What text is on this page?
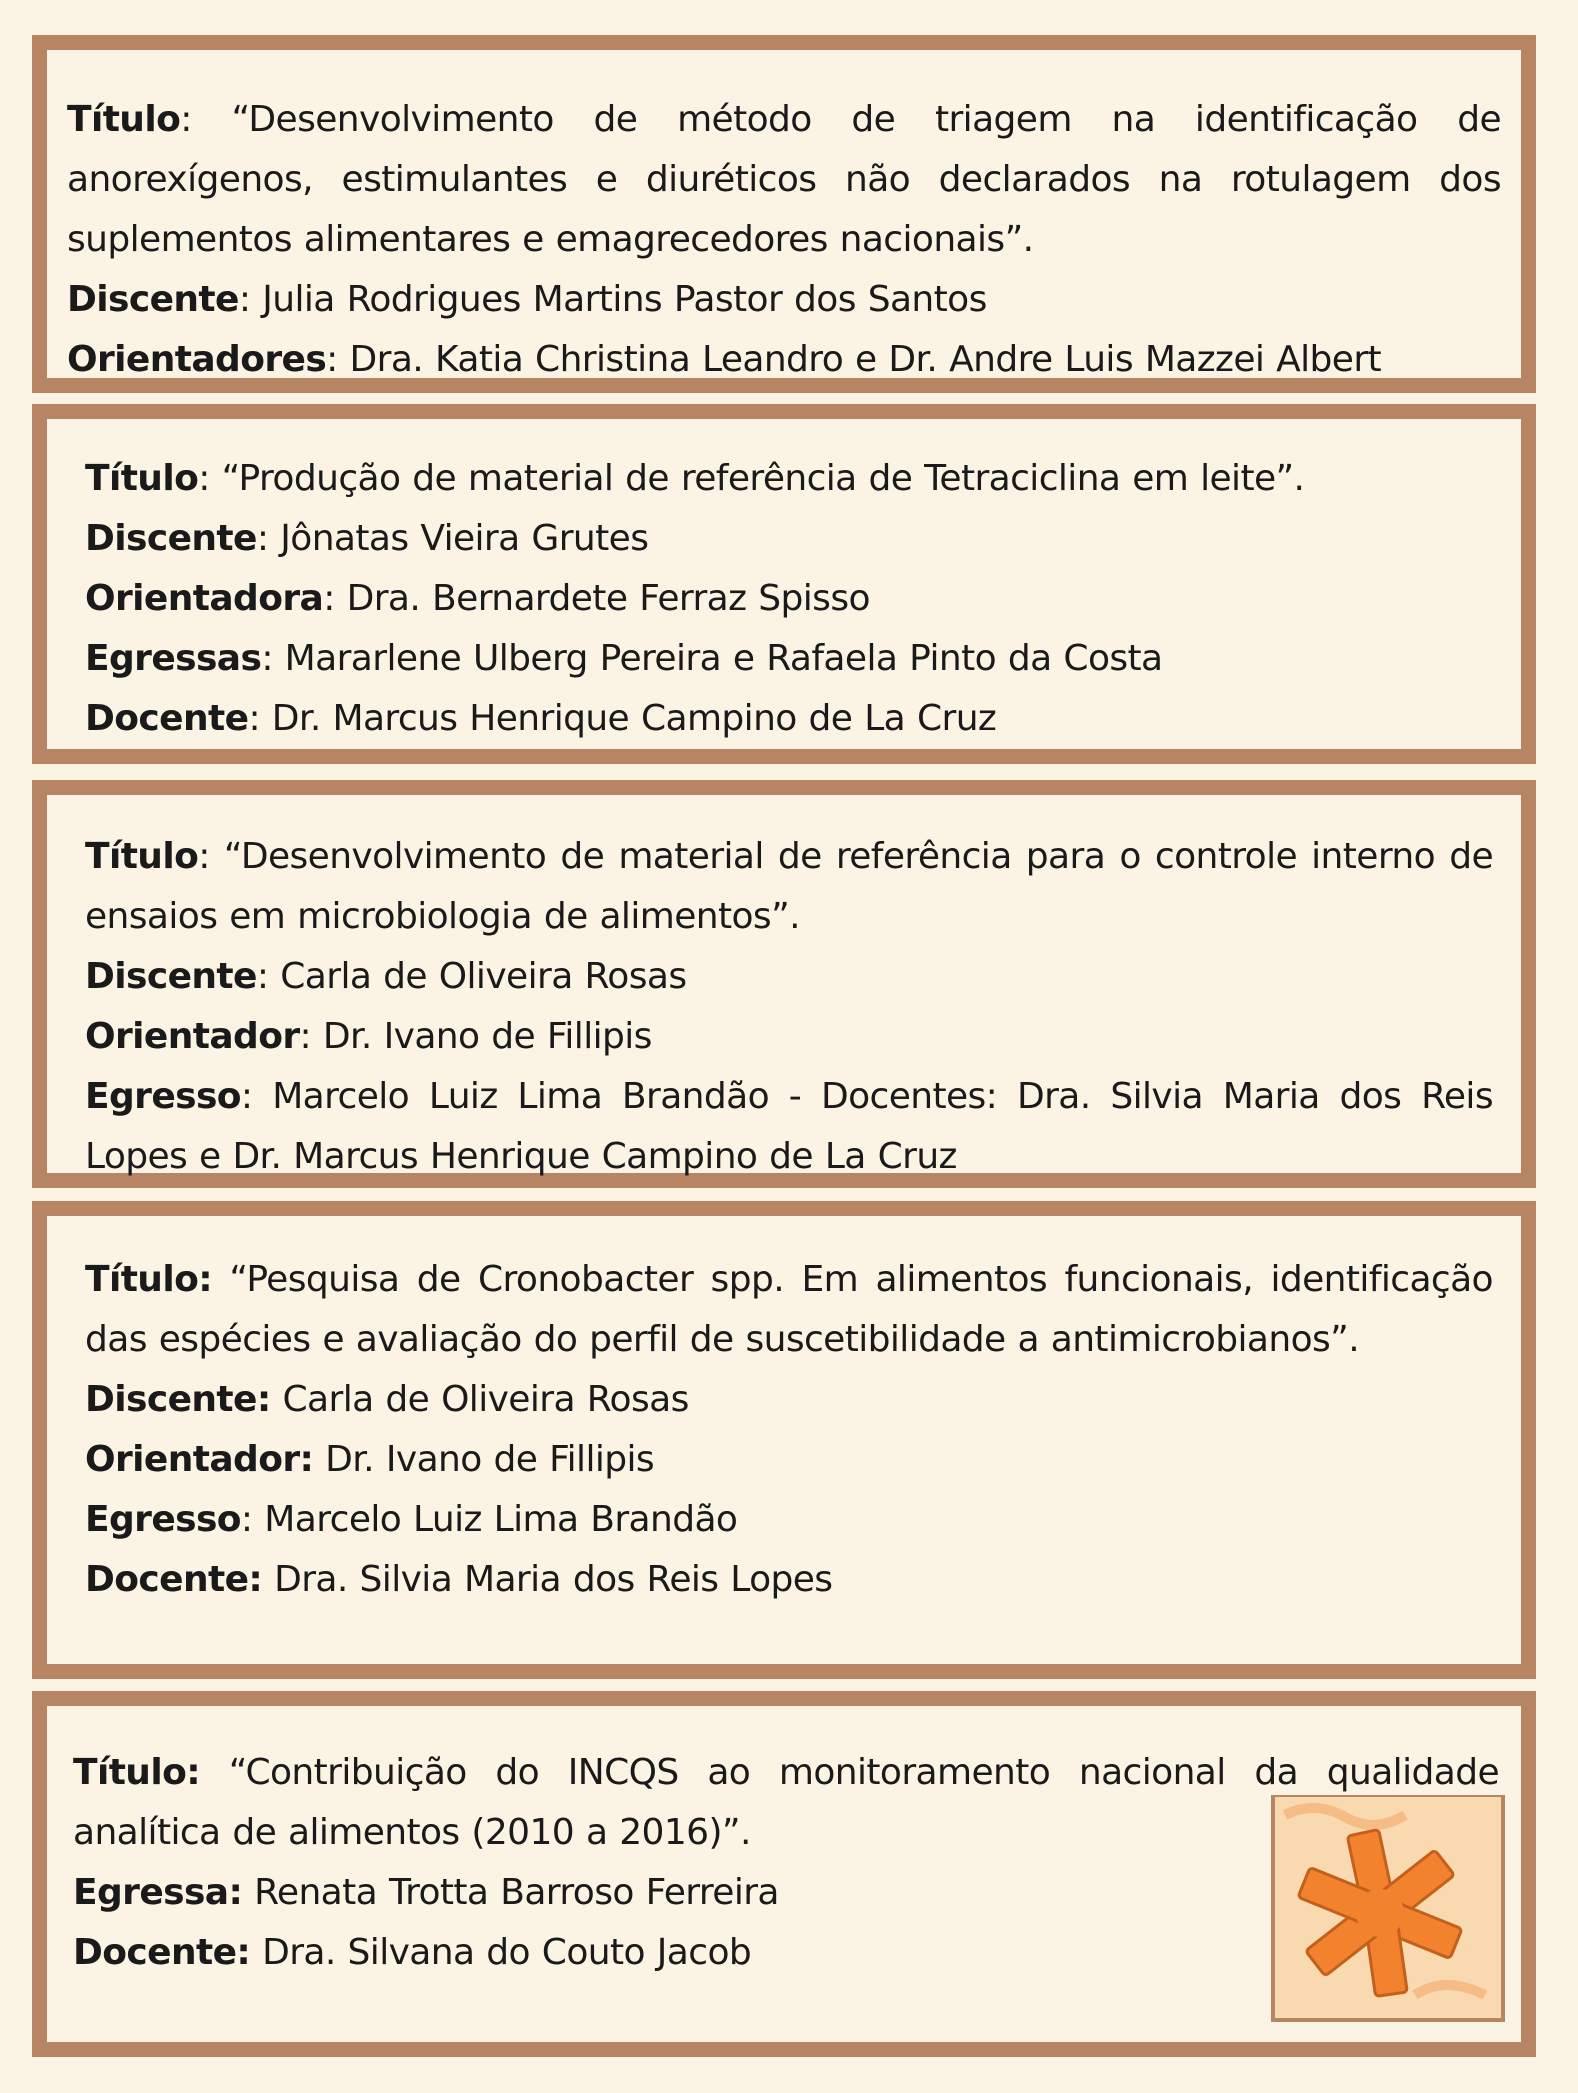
Título: “Desenvolvimento de método de triagem na identificação de anorexígenos, estimulantes e diuréticos não declarados na rotulagem dos suplementos alimentares e emagrecedores nacionais”.
Discente: Julia Rodrigues Martins Pastor dos Santos
Orientadores: Dra. Katia Christina Leandro e Dr. Andre Luis Mazzei Albert
Título: “Produção de material de referência de Tetraciclina em leite”.
Discente: Jônatas Vieira Grutes
Orientadora: Dra. Bernardete Ferraz Spisso
Egressas: Mararlene Ulberg Pereira e Rafaela Pinto da Costa
Docente: Dr. Marcus Henrique Campino de La Cruz
Título: “Desenvolvimento de material de referência para o controle interno de ensaios em microbiologia de alimentos”.
Discente: Carla de Oliveira Rosas
Orientador: Dr. Ivano de Fillipis
Egresso: Marcelo Luiz Lima Brandão - Docentes: Dra. Silvia Maria dos Reis Lopes e Dr. Marcus Henrique Campino de La Cruz
Título: “Pesquisa de Cronobacter spp. Em alimentos funcionais, identificação das espécies e avaliação do perfil de suscetibilidade a antimicrobianos”.
Discente: Carla de Oliveira Rosas
Orientador: Dr. Ivano de Fillipis
Egresso: Marcelo Luiz Lima Brandão
Docente: Dra. Silvia Maria dos Reis Lopes
Título: “Contribuição do INCQS ao monitoramento nacional da qualidade analítica de alimentos (2010 a 2016)”.
Egressa: Renata Trotta Barroso Ferreira
Docente: Dra. Silvana do Couto Jacob
